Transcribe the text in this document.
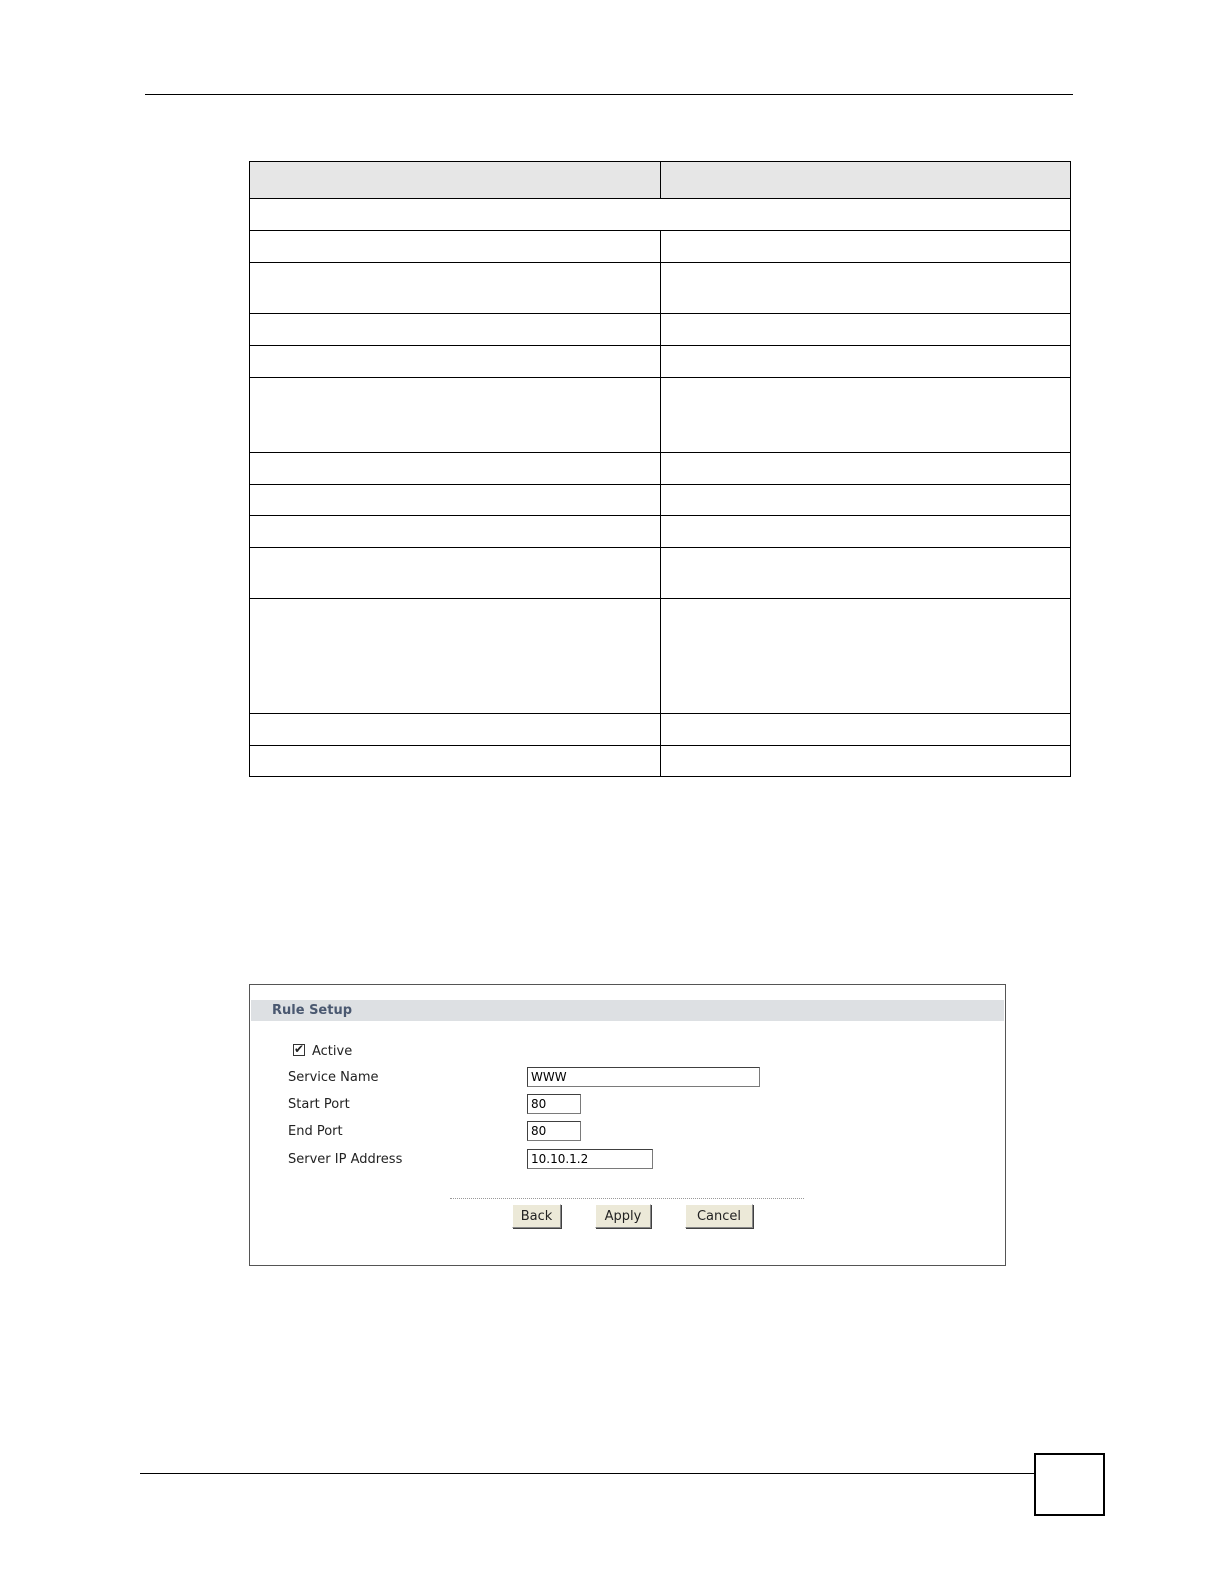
Rule Setup
✔ Active
Service Name
WWW
Start Port
80
End Port
80
Server IP Address
10.10.1.2
Back	Apply	Cancel
